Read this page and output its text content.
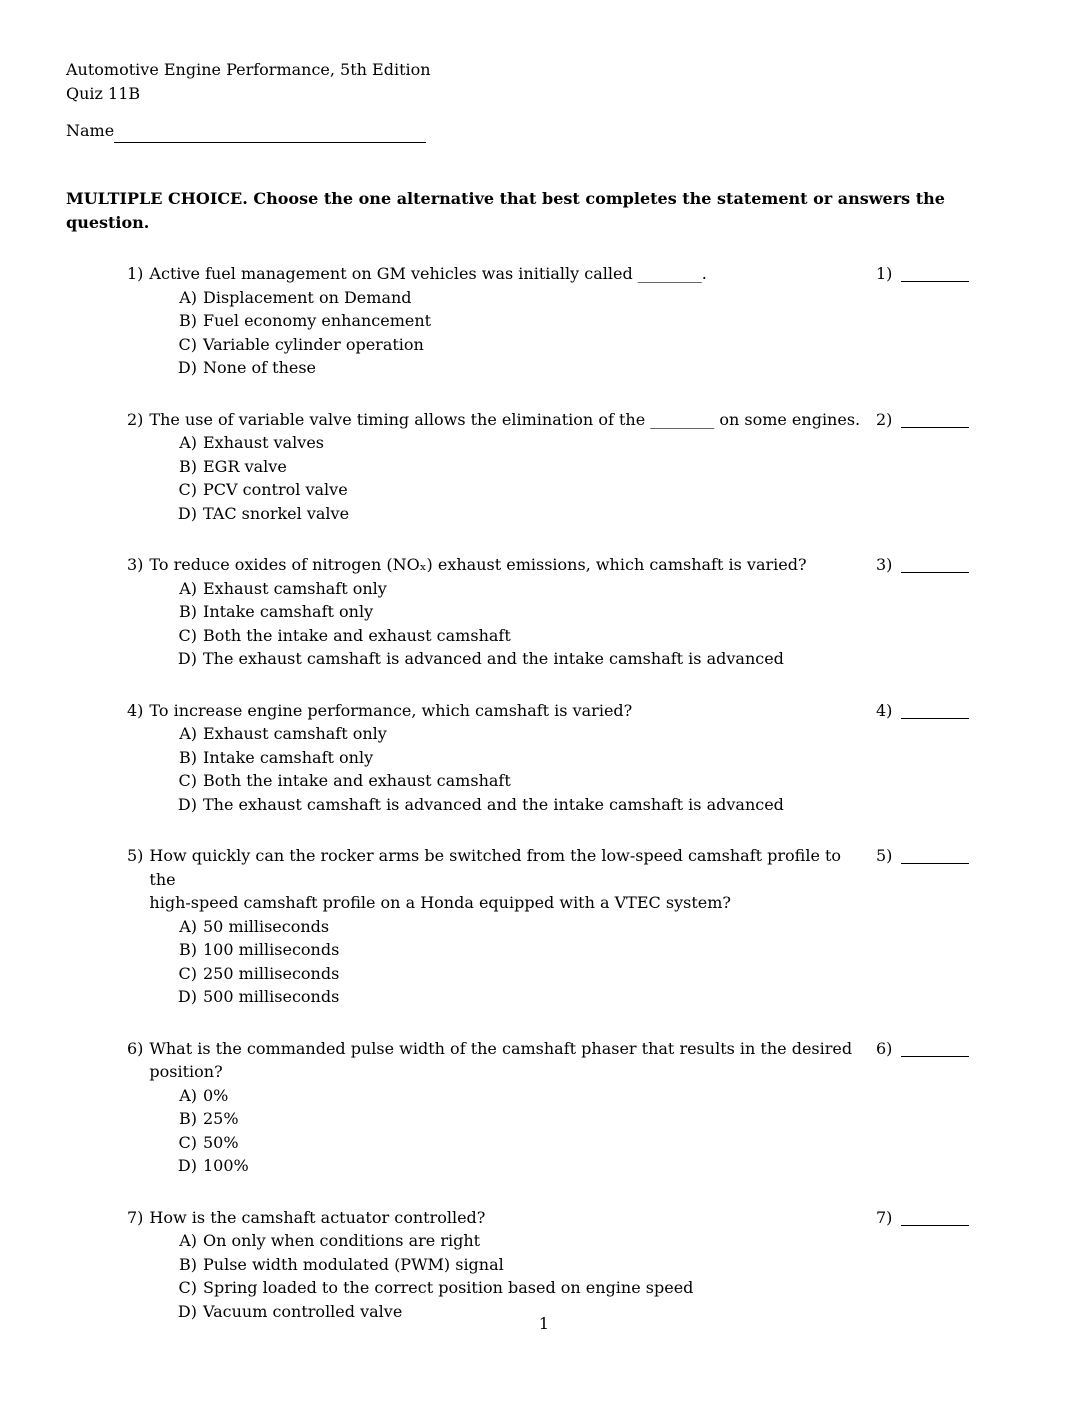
Automotive Engine Performance, 5th Edition
Quiz 11B
Name
MULTIPLE CHOICE. Choose the one alternative that best completes the statement or answers the question.
1) Active fuel management on GM vehicles was initially called ________.	1)
A) Displacement on Demand
B) Fuel economy enhancement
C) Variable cylinder operation
D) None of these
2) The use of variable valve timing allows the elimination of the ________ on some engines. 2)
A) Exhaust valves
B) EGR valve
C) PCV control valve
D) TAC snorkel valve
3) To reduce oxides of nitrogen (NOₓ) exhaust emissions, which camshaft is varied?	3)
A) Exhaust camshaft only
B) Intake camshaft only
C) Both the intake and exhaust camshaft
D) The exhaust camshaft is advanced and the intake camshaft is advanced
4) To increase engine performance, which camshaft is varied?	4)
A) Exhaust camshaft only
B) Intake camshaft only
C) Both the intake and exhaust camshaft
D) The exhaust camshaft is advanced and the intake camshaft is advanced
5) How quickly can the rocker arms be switched from the low-speed camshaft profile to the
high-speed camshaft profile on a Honda equipped with a VTEC system?
5)
A) 50 milliseconds
B) 100 milliseconds
C) 250 milliseconds
D) 500 milliseconds
6) What is the commanded pulse width of the camshaft phaser that results in the desired position?
6)
A) 0%
B) 25%
C) 50%
D) 100%
7) How is the camshaft actuator controlled?	7)
A) On only when conditions are right
B) Pulse width modulated (PWM) signal
C) Spring loaded to the correct position based on engine speed
D) Vacuum controlled valve
1
